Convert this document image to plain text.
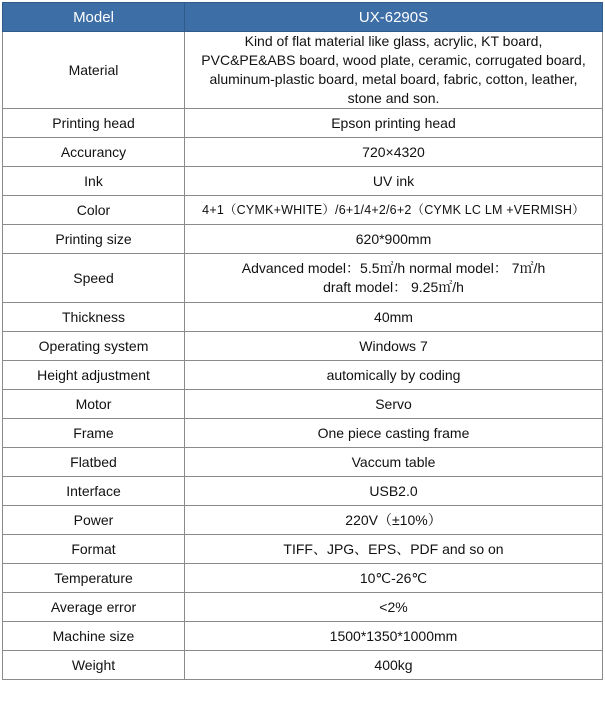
Model	UX-6290S
Material	Kind of flat material like glass, acrylic, KT board,
PVC&PE&ABS board, wood plate, ceramic, corrugated board,
aluminum-plastic board, metal board, fabric, cotton, leather,
stone and son.

Printing head	Epson printing head
Accurancy	720×4320
Ink	UV ink
Color	4+1（CYMK+WHITE）/6+1/4+2/6+2（CYMK LC LM +VERMISH）
Printing size	620*900mm
Speed	Advanced model：5.5㎡/h normal model： 7㎡/h
draft model： 9.25㎡/h

Thickness	40mm
Operating system	Windows 7
Height adjustment	automically by coding
Motor	Servo
Frame	One piece casting frame
Flatbed	Vaccum table
Interface	USB2.0
Power	220V（±10%）
Format	TIFF、JPG、EPS、PDF and so on
Temperature	10℃-26℃
Average error	<2%
Machine size	1500*1350*1000mm
Weight	400kg
